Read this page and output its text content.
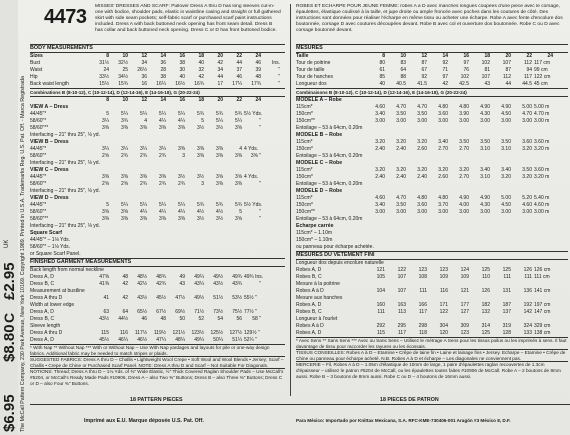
$6.95
$8.80
C
£2.95
UK The McCall Pattern Company, 230 Park Avenue, New York 10169. Copyright 1989. Printed in U.S.A. Trademarks Reg. U.S. Pat. Off. - Marca Registrada
4473 MISSES' DRESSES AND SCARF: Pullover Dress A thru D has long sleeves cut-in-one with bodice, shoulder pads, elastic in waistline casing and straight or full gathered skirt with side seam pockets; self-fabric scarf or purchased scarf paint instructions included. Dress A with back buttoned neck opening has front seam detail. Dress B has collar and back buttoned neck opening. Dress C or D has front buttoned bodice.
ROBES ET ECHARPE POUR JEUNE FEMME: robes A à D avec manches longues coupées d'une pièce avec le corsage, épaulettes, élastique coulissé à la taille, et jupe droite ou ample froncée avec poches dans les coutures de côté. Des instructions sont données pour réaliser l'écharpe en même tissu ou acheter une écharpe. Robe A avec fente d'encolure dos boutonnée, corsage D avec coutures découpées devant. Robe B avec col et ouverture dos boutonnée. Robe C ou D avec corsage boutonné devant.
BODY MEASUREMENTS
Sizes	8	10	12	14	16	18	20	22	24
Bust	31½	32½	34	36	38	40	42	44	46	Ins.
Waist	24	25	26½	28	30	32	34	37	39	"
Hip	33½	34½	36	38	40	42	44	46	48	"
Back waist length	15½	15¾	16	16¼	16½	16¾	17	17¼	17¾	"
Combinations B (8-10-12), C (10-12-14), D (12-14-16), E (14-16-18), G (20-22-24)
8	10	12	14	16	18	20	22	24
VIEW A – Dress
44/45"*	5	5¼	5¼	5¼	5¼	5¾	5¾	5¾ 5½ Yds.
58/60"*	3¼	3¾	4	4¼	4¼	5	5¼	5¼	"
58/60"**	3⅜	3⅜	3⅜	3⅜	3⅜	3½	3½	3⅝	"
Interfacing – 21" thru 25", ⅛ yd.
VIEW B – Dress
44/45"*	3¼	3¼	3¼	3¼	3⅜	3⅜	3⅜	4 4 Yds.
58/60"*	2⅝	2¾	2¾	2¾	3	3⅜	3⅜	3⅜	3⅝ "
Interfacing – 21" thru 25", ⅛ yd.
VIEW C – Dress
44/45"*	3⅜	3⅜	3⅜	3⅜	3½	3½	3⅝	3⅝ 4 Yds.
58/60"*	2⅝	2⅝	2¾	2¾	2¾	3	3⅜	3⅜	"
Interfacing – 21" thru 25", ⅛ yd.
VIEW D – Dress
44/45"*	5	5¼	5¼	5¼	5¼	5¾	5¾	5¾ 5½ Yds.
58/60"*	3⅝	3⅝	4¼	4¼	4¼	4½	4½	5	"
58/60"**	3⅜	3⅜	3⅜	3⅜	3⅜	3½	3½	3⅝	"
Interfacing – 21" thru 25", ⅛ yd.
Square Scarf
44/45"* – 1⅛ Yds.
58/60"* – 1⅛ Yds.
or Square Scarf Panel.
FINISHED GARMENT MEASUREMENTS
Back length from normal neckline
Dress A, D	47⅜	48	48½	48¾	49	49¼	49½	49¾ 49¾ Ins.
Dress B, C	41⅜	42	42½	42¾	43	43¼	43½	43¾	"
Measurement at bustline
Dress A thru D	41	42	43½	45½	47½	49½	51½	53½ 55½ "
Width at lower edge
Dress A, D	63	64	65½	67½	69½	71½	73½	75½ 77½ "
Dress B, C	43½	44½	46	48	50	52	54	56	58 "
Sleeve length
Dress A thru D	115	116	117½	119½	121½	123½	125½	127½ 129½ "
Dress A, D	45½	46¼	46½	47¼	48¼	49¼	50¼	51¼ 52¼ "
* With Nap ** Without Nap *** With or Without Nap – Use With Nap yardages and layouts for pile or one-way design fabrics. Additional fabric may be needed to match stripes or plaids.
SUGGESTED FABRICS: Dress A thru D – Challis • Lightweight Wool Crepe • Soft Wool and Wool Blends • Jersey; Scarf – Challis • Crepe de Chine or Purchased Scarf Panel. NOTE: Dress A thru D and Scarf – Not Suitable For Diagonals.
NOTIONS: Thread; Dress A thru D – 1⅛ Yds. of ⅜" Wide Elastic, ½" Thick Covered Raglan Shoulder Pads – Use McCall's #5204, or McCall's Ready Made Pads #10906, Dress A – also Two ⅜" Buttons; Dress B – also Three ⅜" Buttons; Dress C or D – also Four ⅜" Buttons.
MESURES
Taille	8	10	12	14	16	18	20	22	24
Tour de poitrine	80	83	87	92	97	102	107	112 117 cm
Tour de taille	61	64	67	71	76	81	87	94 99 cm
Tour de hanches	85	88	92	97	102	107	112	117 122 cm
Longueur dos	40	40.5	41.5	42	42.5	43	44	44.5 45 cm
Combinaisons B (8-10-12), C (10-12-14), D (12-14-16), E (14-16-18), G (20-22-24)
MODELE A – Robe
115cm*	4.60	4.70	4.70	4.80	4.80	4.90	4.90	5.00 5.00 m
150cm*	3.40	3.50	3.50	3.60	3.90	4.30	4.50	4.70 4.70 m
150cm**	3.00	3.00	3.00	3.00	3.00	3.00	3.00	3.00 3.00 m
Entoilage – 53 à 64cm, 0.20m
MODELE B – Robe
115cm*	3.20	3.20	3.20	3.40	3.50	3.50	3.50	3.60 3.60 m
150cm*	2.40	2.40	2.60	2.70	2.70	3.10	3.10	3.20 3.20 m
Entoilage – 53 à 64cm, 0.20m
MODELE C – Robe
115cm*	3.20	3.20	3.20	3.20	3.20	3.40	3.40	3.50 3.60 m
150cm*	2.40	2.40	2.40	2.60	2.70	3.10	3.20	3.20 3.20 m
Entoilage – 53 à 64cm, 0.20m
MODELE D – Robe
115cm*	4.60	4.70	4.80	4.80	4.90	4.90	5.00	5.20 5.40 m
150cm*	3.40	3.50	3.60	3.70	4.00	4.30	4.50	4.60 4.60 m
150cm**	3.00	3.00	3.00	3.00	3.00	3.00	3.00	3.00 3.00 m
Entoilage – 53 à 64cm, 0.20m
Echarpe carrée
115cm* – 1.10m
150cm* – 1.10m
ou panneau pour écharpe achetée.
MESURES DU VETEMENT FINI
Longueur dos depuis encolure naturelle
Robes A, D	121	122	123	123	124	125	125	126 126 cm
Robes B, C	105	107	108	109	109	110	111	111 111 cm
Mesure à la poitrine
Robes A à D	104	107	111	116	121	126	131	136 141 cm
Mesure aux hanches
Robes A, D	160	163	166	171	177	182	187	192 197 cm
Robes B, C	111	113	117	122	127	132	137	142 147 cm
Longueur à l'ourlet
Robes A à D	292	295	298	304	309	314	319	324 329 cm
Robes A, D	115	117	118	120	123	125	128	133 138 cm
* Avec Sens ** Sans Sens *** Avec ou Sans Sens – Utilisez le métrage A Sens pour les tissus poilus ou les imprimés à sens. Il faut davantage de tissu pour raccorder les rayures ou les écossais.
TISSUS CONSEILLES: Robes A à D – Etamine • Crêpe de laine fin • Laine et lainage fins • Jersey. Echarpe – Etamine • Crêpe de Chine ou panneau pour écharpe acheté. N.B. Robes A à D et écharpe – Les diagonales ne conviennent pas.
MERCERIE – Fil, Robes A à D – 1.05m d'élastique de 10mm de large, 1 paire d'épaulettes raglan recouvertes de 1.3cm d'épaisseur – utilisez le patron #5204 de McCall, ou les épaulettes toutes faites #10906 de McCall. Robe A – 2 boutons de 8mm aussi. Robe B – 3 boutons de 8mm aussi. Robe C ou D – 4 boutons de 16mm aussi.
18 PATTERN PIECES	18 PIECES DE PATRON
Imprimé aux E.U. Marque déposée U.S. Pat. Off.	Para México: Importado por Knittax Mexicana, S.A. RFC-KME-730406-001 Aragón #3 México 8, D.F.
